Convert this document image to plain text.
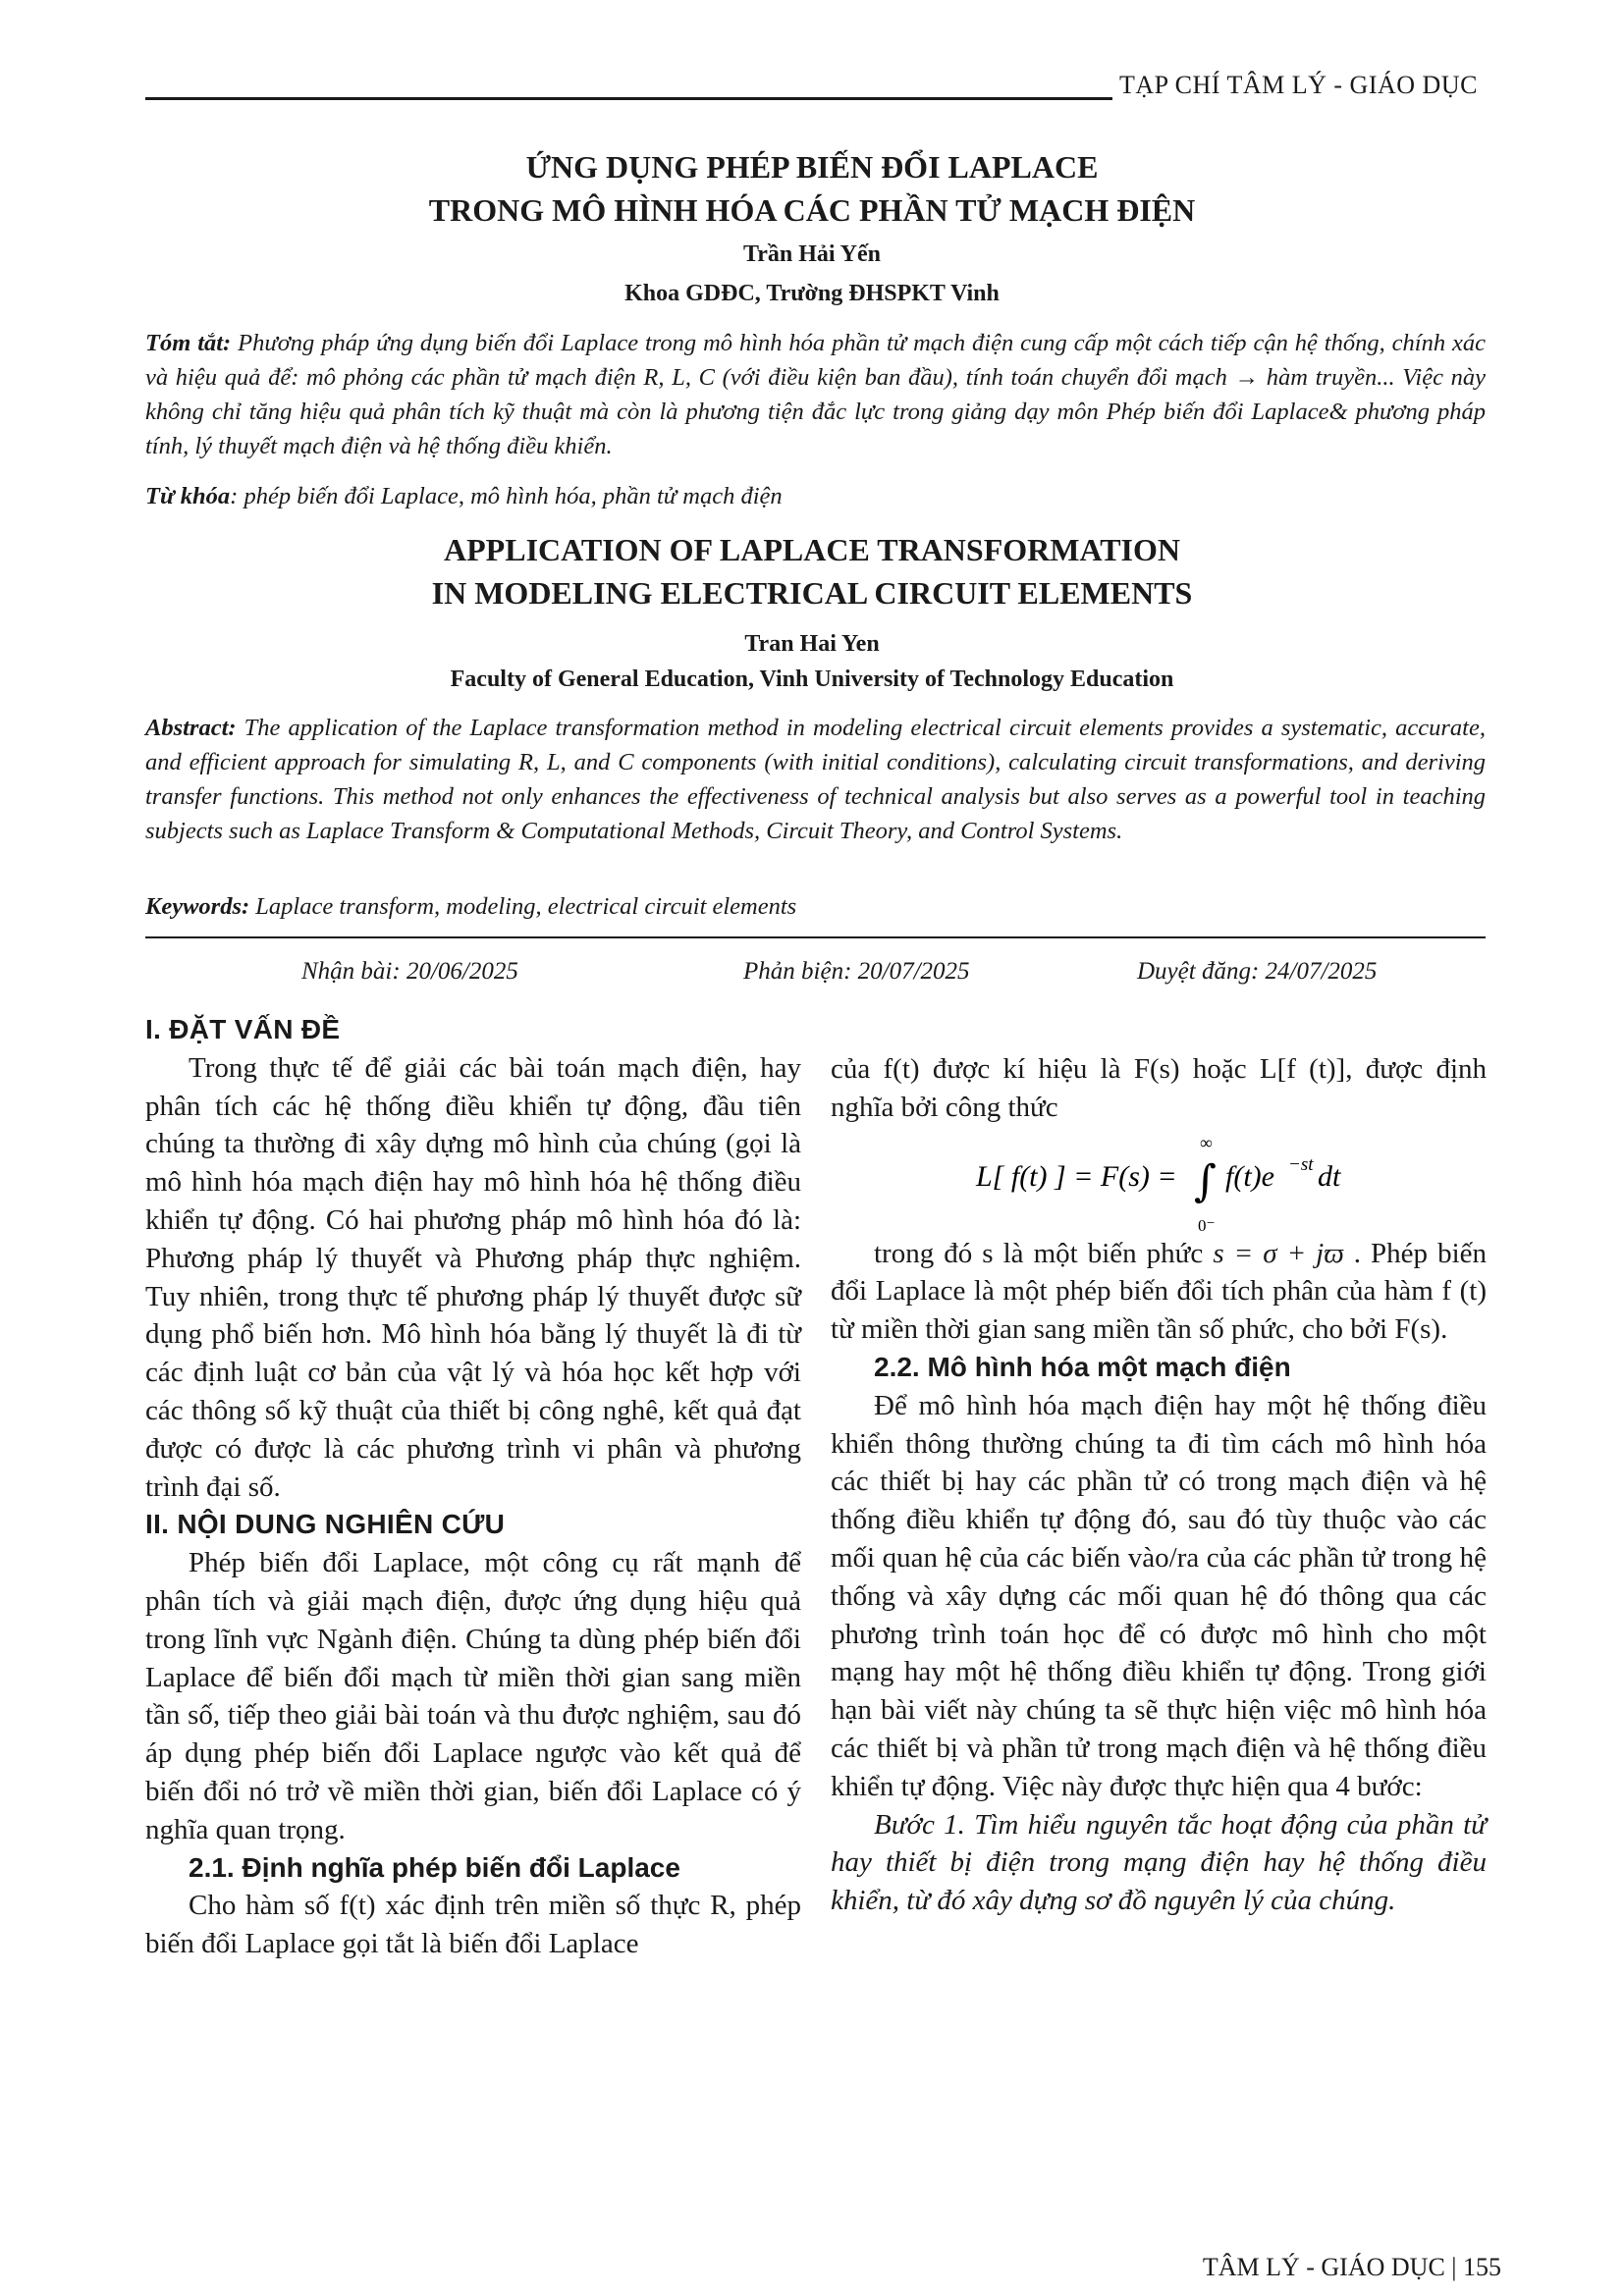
TẠP CHÍ TÂM LÝ - GIÁO DỤC
ỨNG DỤNG PHÉP BIẾN ĐỔI LAPLACE
TRONG MÔ HÌNH HÓA CÁC PHẦN TỬ MẠCH ĐIỆN
Trần Hải Yến
Khoa GDĐC, Trường ĐHSPKT Vinh
Tóm tắt: Phương pháp ứng dụng biến đổi Laplace trong mô hình hóa phần tử mạch điện cung cấp một cách tiếp cận hệ thống, chính xác và hiệu quả để: mô phỏng các phần tử mạch điện R, L, C (với điều kiện ban đầu), tính toán chuyển đổi mạch → hàm truyền... Việc này không chỉ tăng hiệu quả phân tích kỹ thuật mà còn là phương tiện đắc lực trong giảng dạy môn Phép biến đổi Laplace& phương pháp tính, lý thuyết mạch điện và hệ thống điều khiển.
Từ khóa: phép biến đổi Laplace, mô hình hóa, phần tử mạch điện
APPLICATION OF LAPLACE TRANSFORMATION
IN MODELING ELECTRICAL CIRCUIT ELEMENTS
Tran Hai Yen
Faculty of General Education, Vinh University of Technology Education
Abstract: The application of the Laplace transformation method in modeling electrical circuit elements provides a systematic, accurate, and efficient approach for simulating R, L, and C components (with initial conditions), calculating circuit transformations, and deriving transfer functions. This method not only enhances the effectiveness of technical analysis but also serves as a powerful tool in teaching subjects such as Laplace Transform & Computational Methods, Circuit Theory, and Control Systems.
Keywords: Laplace transform, modeling, electrical circuit elements
Nhận bài: 20/06/2025	Phản biện: 20/07/2025	Duyệt đăng: 24/07/2025
I. ĐẶT VẤN ĐỀ

Trong thực tế để giải các bài toán mạch điện, hay phân tích các hệ thống điều khiển tự động, đầu tiên chúng ta thường đi xây dựng mô hình của chúng (gọi là mô hình hóa mạch điện hay mô hình hóa hệ thống điều khiển tự động. Có hai phương pháp mô hình hóa đó là: Phương pháp lý thuyết và Phương pháp thực nghiệm. Tuy nhiên, trong thực tế phương pháp lý thuyết được sữ dụng phổ biến hơn. Mô hình hóa bằng lý thuyết là đi từ các định luật cơ bản của vật lý và hóa học kết hợp với các thông số kỹ thuật của thiết bị công nghê, kết quả đạt được có được là các phương trình vi phân và phương trình đại số.

II. NỘI DUNG NGHIÊN CỨU

Phép biến đổi Laplace, một công cụ rất mạnh để phân tích và giải mạch điện, được ứng dụng hiệu quả trong lĩnh vực Ngành điện. Chúng ta dùng phép biến đổi Laplace để biến đổi mạch từ miền thời gian sang miền tần số, tiếp theo giải bài toán và thu được nghiệm, sau đó áp dụng phép biến đổi Laplace ngược vào kết quả để biến đổi nó trở về miền thời gian, biến đổi Laplace có ý nghĩa quan trọng.

2.1. Định nghĩa phép biến đổi Laplace

Cho hàm số f(t) xác định trên miền số thực R, phép biến đổi Laplace gọi tắt là biến đổi Laplace

của f(t) được kí hiệu là F(s) hoặc L[f (t)], được định nghĩa bởi công thức

L[ f(t) ] = F(s) =
∞
∫
0⁻
f(t)e −st dt

trong đó s là một biến phức s = σ + jϖ . Phép biến đổi Laplace là một phép biến đổi tích phân của hàm f (t) từ miền thời gian sang miền tần số phức, cho bởi F(s).

2.2. Mô hình hóa một mạch điện

Để mô hình hóa mạch điện hay một hệ thống điều khiển thông thường chúng ta đi tìm cách mô hình hóa các thiết bị hay các phần tử có trong mạch điện và hệ thống điều khiển tự động đó, sau đó tùy thuộc vào các mối quan hệ của các biến vào/ra của các phần tử trong hệ thống và xây dựng các mối quan hệ đó thông qua các phương trình toán học để có được mô hình cho một mạng hay một hệ thống điều khiển tự động. Trong giới hạn bài viết này chúng ta sẽ thực hiện việc mô hình hóa các thiết bị và phần tử trong mạch điện và hệ thống điều khiển tự động. Việc này được thực hiện qua 4 bước:

Bước 1. Tìm hiểu nguyên tắc hoạt động của phần tử hay thiết bị điện trong mạng điện hay hệ thống điều khiển, từ đó xây dựng sơ đồ nguyên lý của chúng.

TÂM LÝ - GIÁO DỤC | 155
